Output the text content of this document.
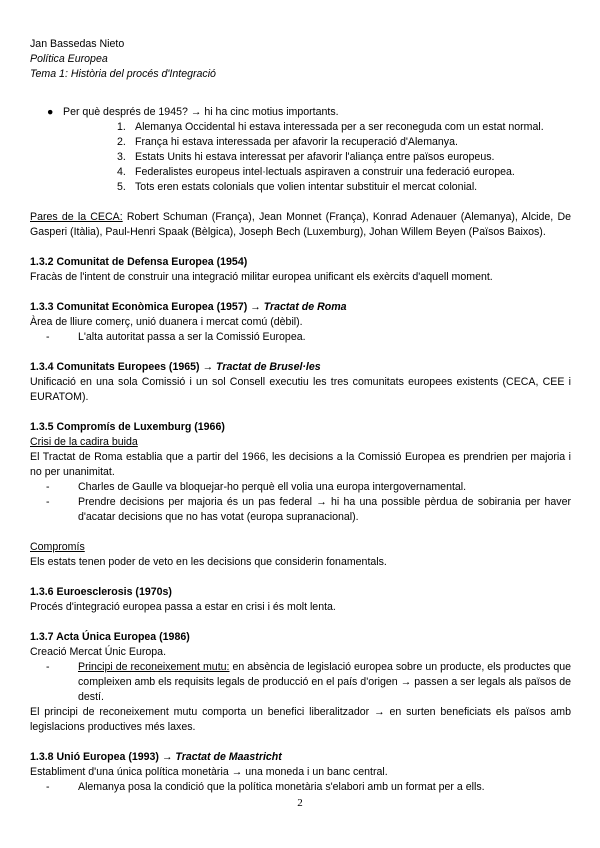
Jan Bassedas Nieto
Política Europea
Tema 1: Història del procés d'Integració
● Per què després de 1945? → hi ha cinc motius importants.
1. Alemanya Occidental hi estava interessada per a ser reconeguda com un estat normal.
2. França hi estava interessada per afavorir la recuperació d'Alemanya.
3. Estats Units hi estava interessat per afavorir l'aliança entre països europeus.
4. Federalistes europeus intel·lectuals aspiraven a construir una federació europea.
5. Tots eren estats colonials que volien intentar substituir el mercat colonial.

Pares de la CECA: Robert Schuman (França), Jean Monnet (França), Konrad Adenauer (Alemanya), Alcide, De Gasperi (Itàlia), Paul-Henri Spaak (Bèlgica), Joseph Bech (Luxemburg), Johan Willem Beyen (Països Baixos).

1.3.2 Comunitat de Defensa Europea (1954)

Fracàs de l'intent de construir una integració militar europea unificant els exèrcits d'aquell moment.

1.3.3 Comunitat Econòmica Europea (1957) → Tractat de Roma

Àrea de lliure comerç, unió duanera i mercat comú (dèbil).

-	L'alta autoritat passa a ser la Comissió Europea.
1.3.4 Comunitats Europees (1965) → Tractat de Brusel·les

Unificació en una sola Comissió i un sol Consell executiu les tres comunitats europees existents (CECA, CEE i EURATOM).

1.3.5 Compromís de Luxemburg (1966)

Crisi de la cadira buida

El Tractat de Roma establia que a partir del 1966, les decisions a la Comissió Europea es prendrien per majoria i no per unanimitat.

-	Charles de Gaulle va bloquejar-ho perquè ell volia una europa intergovernamental.
-	Prendre decisions per majoria és un pas federal → hi ha una possible pèrdua de sobirania per haver d'acatar decisions que no has votat (europa supranacional).

Compromís

Els estats tenen poder de veto en les decisions que considerin fonamentals.

1.3.6 Euroesclerosis (1970s)

Procés d'integració europea passa a estar en crisi i és molt lenta.

1.3.7 Acta Única Europea (1986)

Creació Mercat Únic Europa.

-	Principi de reconeixement mutu: en absència de legislació europea sobre un producte, els productes que compleixen amb els requisits legals de producció en el país d'origen → passen a ser legals als països de destí.

El principi de reconeixement mutu comporta un benefici liberalitzador → en surten beneficiats els països amb legislacions productives més laxes.

1.3.8 Unió Europea (1993) → Tractat de Maastricht

Establiment d'una única política monetària → una moneda i un banc central.

-	Alemanya posa la condició que la política monetària s'elabori amb un format per a ells.
2
